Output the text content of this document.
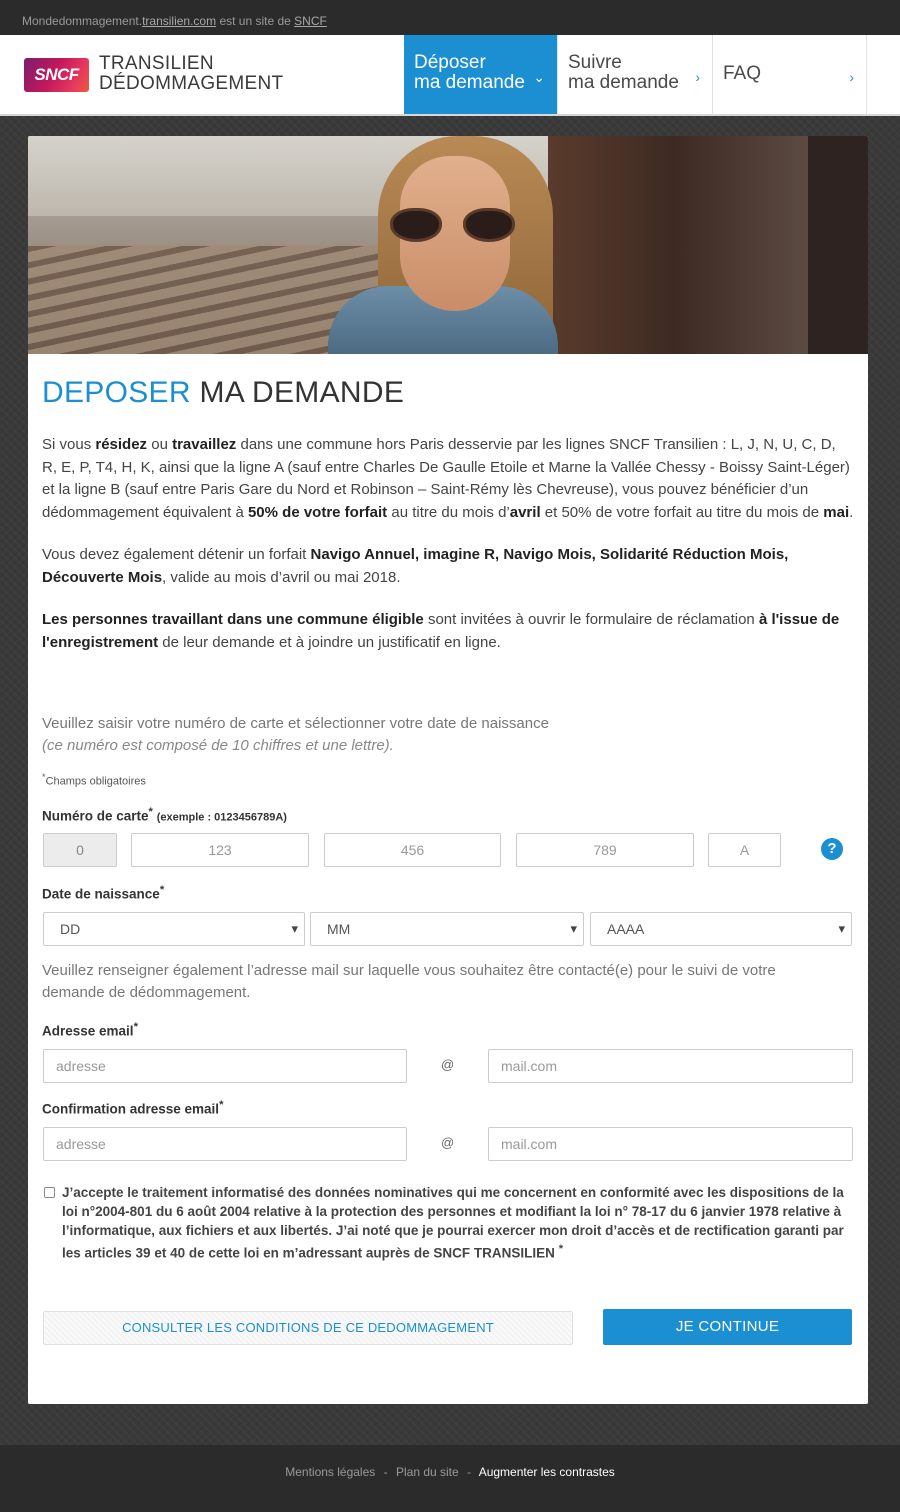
Mondedommagement.transilien.com est un site de SNCF
SNCF
TRANSILIEN
DÉDOMMAGEMENT
Déposer
ma demande ⌄
Suivre
ma demande	› FAQ	›
DEPOSER MA DEMANDE

Si vous résidez ou travaillez dans une commune hors Paris desservie par les lignes SNCF Transilien : L, J, N, U, C, D, R, E, P, T4, H, K, ainsi que la ligne A (sauf entre Charles De Gaulle Etoile et Marne la Vallée Chessy - Boissy Saint-Léger) et la ligne B (sauf entre Paris Gare du Nord et Robinson – Saint-Rémy lès Chevreuse), vous pouvez bénéficier d’un dédommagement équivalent à 50% de votre forfait au titre du mois d’avril et 50% de votre forfait au titre du mois de mai.

Vous devez également détenir un forfait Navigo Annuel, imagine R, Navigo Mois, Solidarité Réduction Mois, Découverte Mois, valide au mois d’avril ou mai 2018.

Les personnes travaillant dans une commune éligible sont invitées à ouvrir le formulaire de réclamation à l'issue de l'enregistrement de leur demande et à joindre un justificatif en ligne.

Veuillez saisir votre numéro de carte et sélectionner votre date de naissance
(ce numéro est composé de 10 chiffres et une lettre).
*Champs obligatoires
Numéro de carte* (exemple : 0123456789A)
0	123	456	789	A	?
Date de naissance*
DD ▾	MM ▾	AAAA ▾
Veuillez renseigner également l’adresse mail sur laquelle vous souhaitez être contacté(e) pour le suivi de votre demande de dédommagement.
Adresse email*
adresse	@	mail.com
Confirmation adresse email*
adresse	@	mail.com
J’accepte le traitement informatisé des données nominatives qui me concernent en conformité avec les dispositions de la loi n°2004-801 du 6 août 2004 relative à la protection des personnes et modifiant la loi n° 78-17 du 6 janvier 1978 relative à l’informatique, aux fichiers et aux libertés. J’ai noté que je pourrai exercer mon droit d’accès et de rectification garanti par les articles 39 et 40 de cette loi en m’adressant auprès de SNCF TRANSILIEN *
CONSULTER LES CONDITIONS DE CE DEDOMMAGEMENT	JE CONTINUE
Mentions légales - Plan du site - Augmenter les contrastes
